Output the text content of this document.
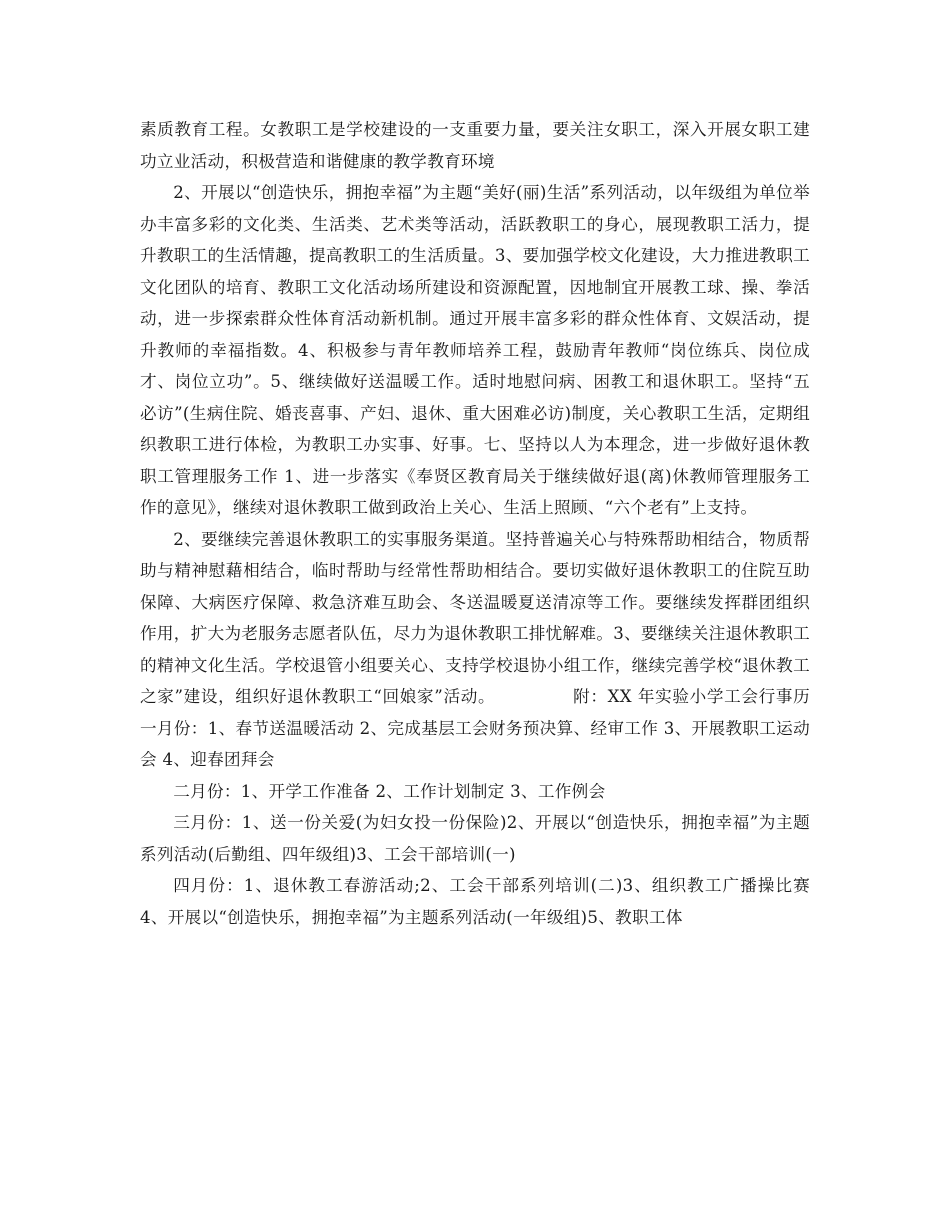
素质教育工程。女教职工是学校建设的一支重要力量，要关注女职工，深入开展女职工建功立业活动，积极营造和谐健康的教学教育环境

2、开展以“创造快乐，拥抱幸福”为主题“美好(丽)生活”系列活动，以年级组为单位举办丰富多彩的文化类、生活类、艺术类等活动，活跃教职工的身心，展现教职工活力，提升教职工的生活情趣，提高教职工的生活质量。3、要加强学校文化建设，大力推进教职工文化团队的培育、教职工文化活动场所建设和资源配置，因地制宜开展教工球、操、拳活动，进一步探索群众性体育活动新机制。通过开展丰富多彩的群众性体育、文娱活动，提升教师的幸福指数。4、积极参与青年教师培养工程，鼓励青年教师“岗位练兵、岗位成才、岗位立功”。5、继续做好送温暖工作。适时地慰问病、困教工和退休职工。坚持“五必访”(生病住院、婚丧喜事、产妇、退休、重大困难必访)制度，关心教职工生活，定期组织教职工进行体检，为教职工办实事、好事。七、坚持以人为本理念，进一步做好退休教职工管理服务工作 1、进一步落实《奉贤区教育局关于继续做好退(离)休教师管理服务工作的意见》，继续对退休教职工做到政治上关心、生活上照顾、“六个老有”上支持。

2、要继续完善退休教职工的实事服务渠道。坚持普遍关心与特殊帮助相结合，物质帮助与精神慰藉相结合，临时帮助与经常性帮助相结合。要切实做好退休教职工的住院互助保障、大病医疗保障、救急济难互助会、冬送温暖夏送清凉等工作。要继续发挥群团组织作用，扩大为老服务志愿者队伍，尽力为退休教职工排忧解难。3、要继续关注退休教职工的精神文化生活。学校退管小组要关心、支持学校退协小组工作，继续完善学校“退休教工之家”建设，组织好退休教职工“回娘家”活动。　　　　　附：XX 年实验小学工会行事历一月份：1、春节送温暖活动 2、完成基层工会财务预决算、经审工作 3、开展教职工运动会 4、迎春团拜会

二月份：1、开学工作准备 2、工作计划制定 3、工作例会

三月份：1、送一份关爱(为妇女投一份保险)2、开展以“创造快乐，拥抱幸福”为主题系列活动(后勤组、四年级组)3、工会干部培训(一)

四月份：1、退休教工春游活动;2、工会干部系列培训(二)3、组织教工广播操比赛 4、开展以“创造快乐，拥抱幸福”为主题系列活动(一年级组)5、教职工体
